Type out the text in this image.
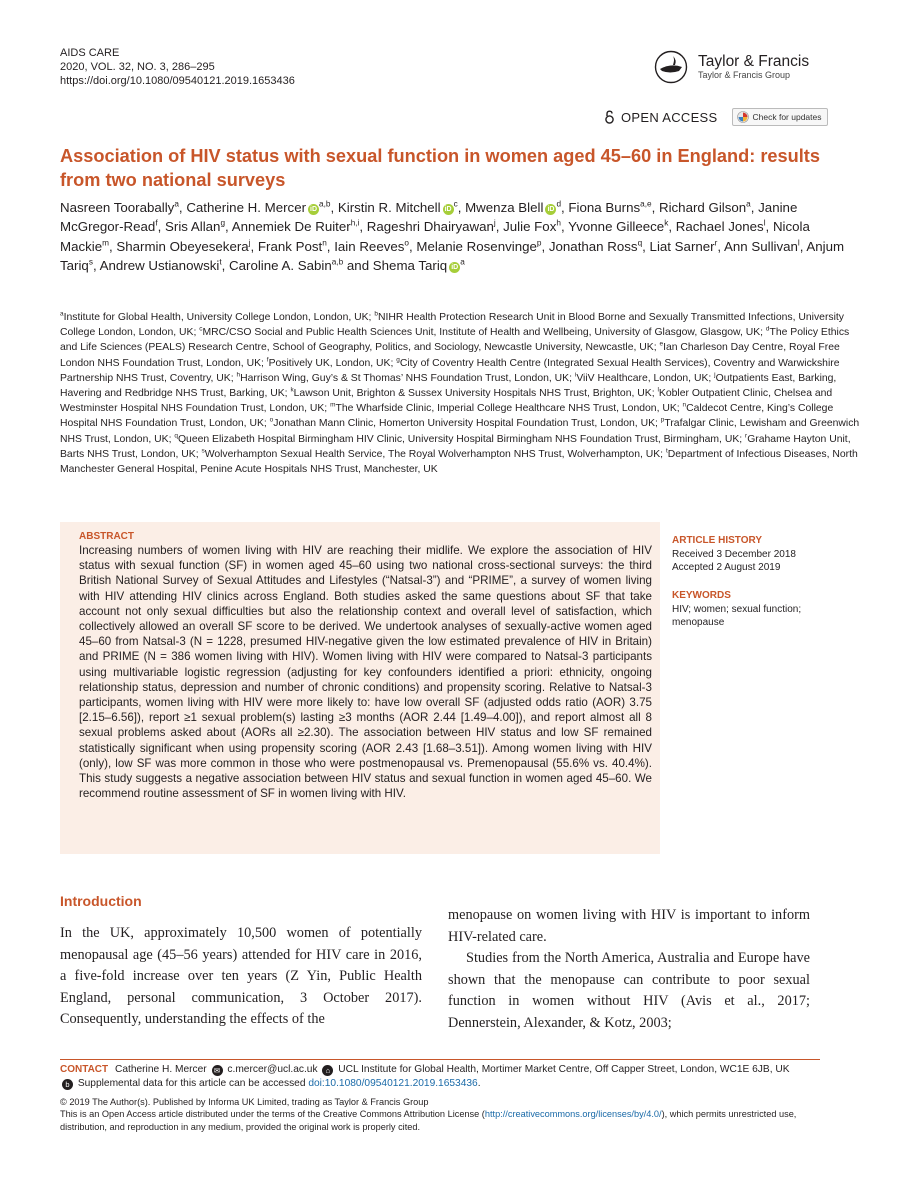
AIDS CARE
2020, VOL. 32, NO. 3, 286–295
https://doi.org/10.1080/09540121.2019.1653436
Taylor & Francis
Taylor & Francis Group
OPEN ACCESS	Check for updates
Association of HIV status with sexual function in women aged 45–60 in England: results from two national surveys
Nasreen Toorabally$^a$, Catherine H. Mercer iD$^{a,b}$, Kirstin R. Mitchell $iD^c$, Mwenza Blell $iD^d$, Fiona Burns$^{a,e}$, Richard Gilson$^a$, Janine McGregor-Read$^f$, Sris Allan$^g$, Annemiek De Ruiter$^{h,i}$, Rageshri Dhairyawan$^j$, Julie Fox$^h$, Yvonne Gilleece$^k$, Rachael Jones$^l$, Nicola Mackie$^m$, Sharmin Obeyesekera$^j$, Frank Post$^n$, Iain Reeves$^o$, Melanie Rosenvinge$^p$, Jonathan Ross$^q$, Liat Sarner$^r$, Ann Sullivan$^l$, Anjum Tariq$^s$, Andrew Ustianowski$^t$, Caroline A. Sabin$^{a,b}$ and Shema Tariq $iD^a$
$^a$Institute for Global Health, University College London, London, UK; $^b$NIHR Health Protection Research Unit in Blood Borne and Sexually Transmitted Infections, University College London, London, UK; $^c$MRC/CSO Social and Public Health Sciences Unit, Institute of Health and Wellbeing, University of Glasgow, Glasgow, UK; $^d$The Policy Ethics and Life Sciences (PEALS) Research Centre, School of Geography, Politics, and Sociology, Newcastle University, Newcastle, UK; $^e$Ian Charleson Day Centre, Royal Free London NHS Foundation Trust, London, UK; $^f$Positively UK, London, UK; $^g$City of Coventry Health Centre (Integrated Sexual Health Services), Coventry and Warwickshire Partnership NHS Trust, Coventry, UK; $^h$Harrison Wing, Guy’s & St Thomas’ NHS Foundation Trust, London, UK; $^i$ViiV Healthcare, London, UK; $^j$Outpatients East, Barking, Havering and Redbridge NHS Trust, Barking, UK; $^k$Lawson Unit, Brighton & Sussex University Hospitals NHS Trust, Brighton, UK; $^l$Kobler Outpatient Clinic, Chelsea and Westminster Hospital NHS Foundation Trust, London, UK; $^m$The Wharfside Clinic, Imperial College Healthcare NHS Trust, London, UK; $^n$Caldecot Centre, King’s College Hospital NHS Foundation Trust, London, UK; $^o$Jonathan Mann Clinic, Homerton University Hospital Foundation Trust, London, UK; $^p$Trafalgar Clinic, Lewisham and Greenwich NHS Trust, London, UK; $^q$Queen Elizabeth Hospital Birmingham HIV Clinic, University Hospital Birmingham NHS Foundation Trust, Birmingham, UK; $^r$Grahame Hayton Unit, Barts NHS Trust, London, UK; $^s$Wolverhampton Sexual Health Service, The Royal Wolverhampton NHS Trust, Wolverhampton, UK; $^t$Department of Infectious Diseases, North Manchester General Hospital, Penine Acute Hospitals NHS Trust, Manchester, UK
ABSTRACT
Increasing numbers of women living with HIV are reaching their midlife. We explore the association of HIV status with sexual function (SF) in women aged 45–60 using two national cross-sectional surveys: the third British National Survey of Sexual Attitudes and Lifestyles (“Natsal-3”) and “PRIME”, a survey of women living with HIV attending HIV clinics across England. Both studies asked the same questions about SF that take account not only sexual difficulties but also the relationship context and overall level of satisfaction, which collectively allowed an overall SF score to be derived. We undertook analyses of sexually-active women aged 45–60 from Natsal-3 (N = 1228, presumed HIV-negative given the low estimated prevalence of HIV in Britain) and PRIME (N = 386 women living with HIV). Women living with HIV were compared to Natsal-3 participants using multivariable logistic regression (adjusting for key confounders identified a priori: ethnicity, ongoing relationship status, depression and number of chronic conditions) and propensity scoring. Relative to Natsal-3 participants, women living with HIV were more likely to: have low overall SF (adjusted odds ratio (AOR) 3.75 [2.15–6.56]), report ≥1 sexual problem(s) lasting ≥3 months (AOR 2.44 [1.49–4.00]), and report almost all 8 sexual problems asked about (AORs all ≥2.30). The association between HIV status and low SF remained statistically significant when using propensity scoring (AOR 2.43 [1.68–3.51]). Among women living with HIV (only), low SF was more common in those who were postmenopausal vs. Premenopausal (55.6% vs. 40.4%). This study suggests a negative association between HIV status and sexual function in women aged 45–60. We recommend routine assessment of SF in women living with HIV.
ARTICLE HISTORY
Received 3 December 2018
Accepted 2 August 2019
KEYWORDS
HIV; women; sexual function; menopause
Introduction
In the UK, approximately 10,500 women of potentially menopausal age (45–56 years) attended for HIV care in 2016, a five-fold increase over ten years (Z Yin, Public Health England, personal communication, 3 October 2017). Consequently, understanding the effects of the
menopause on women living with HIV is important to inform HIV-related care.
Studies from the North America, Australia and Europe have shown that the menopause can contribute to poor sexual function in women without HIV (Avis et al., 2017; Dennerstein, Alexander, & Kotz, 2003;
CONTACT Catherine H. Mercer ✉ c.mercer@ucl.ac.uk ⌂ UCL Institute for Global Health, Mortimer Market Centre, Off Capper Street, London, WC1E 6JB, UK
b Supplemental data for this article can be accessed doi:10.1080/09540121.2019.1653436.
© 2019 The Author(s). Published by Informa UK Limited, trading as Taylor & Francis Group
This is an Open Access article distributed under the terms of the Creative Commons Attribution License (http://creativecommons.org/licenses/by/4.0/), which permits unrestricted use, distribution, and reproduction in any medium, provided the original work is properly cited.
